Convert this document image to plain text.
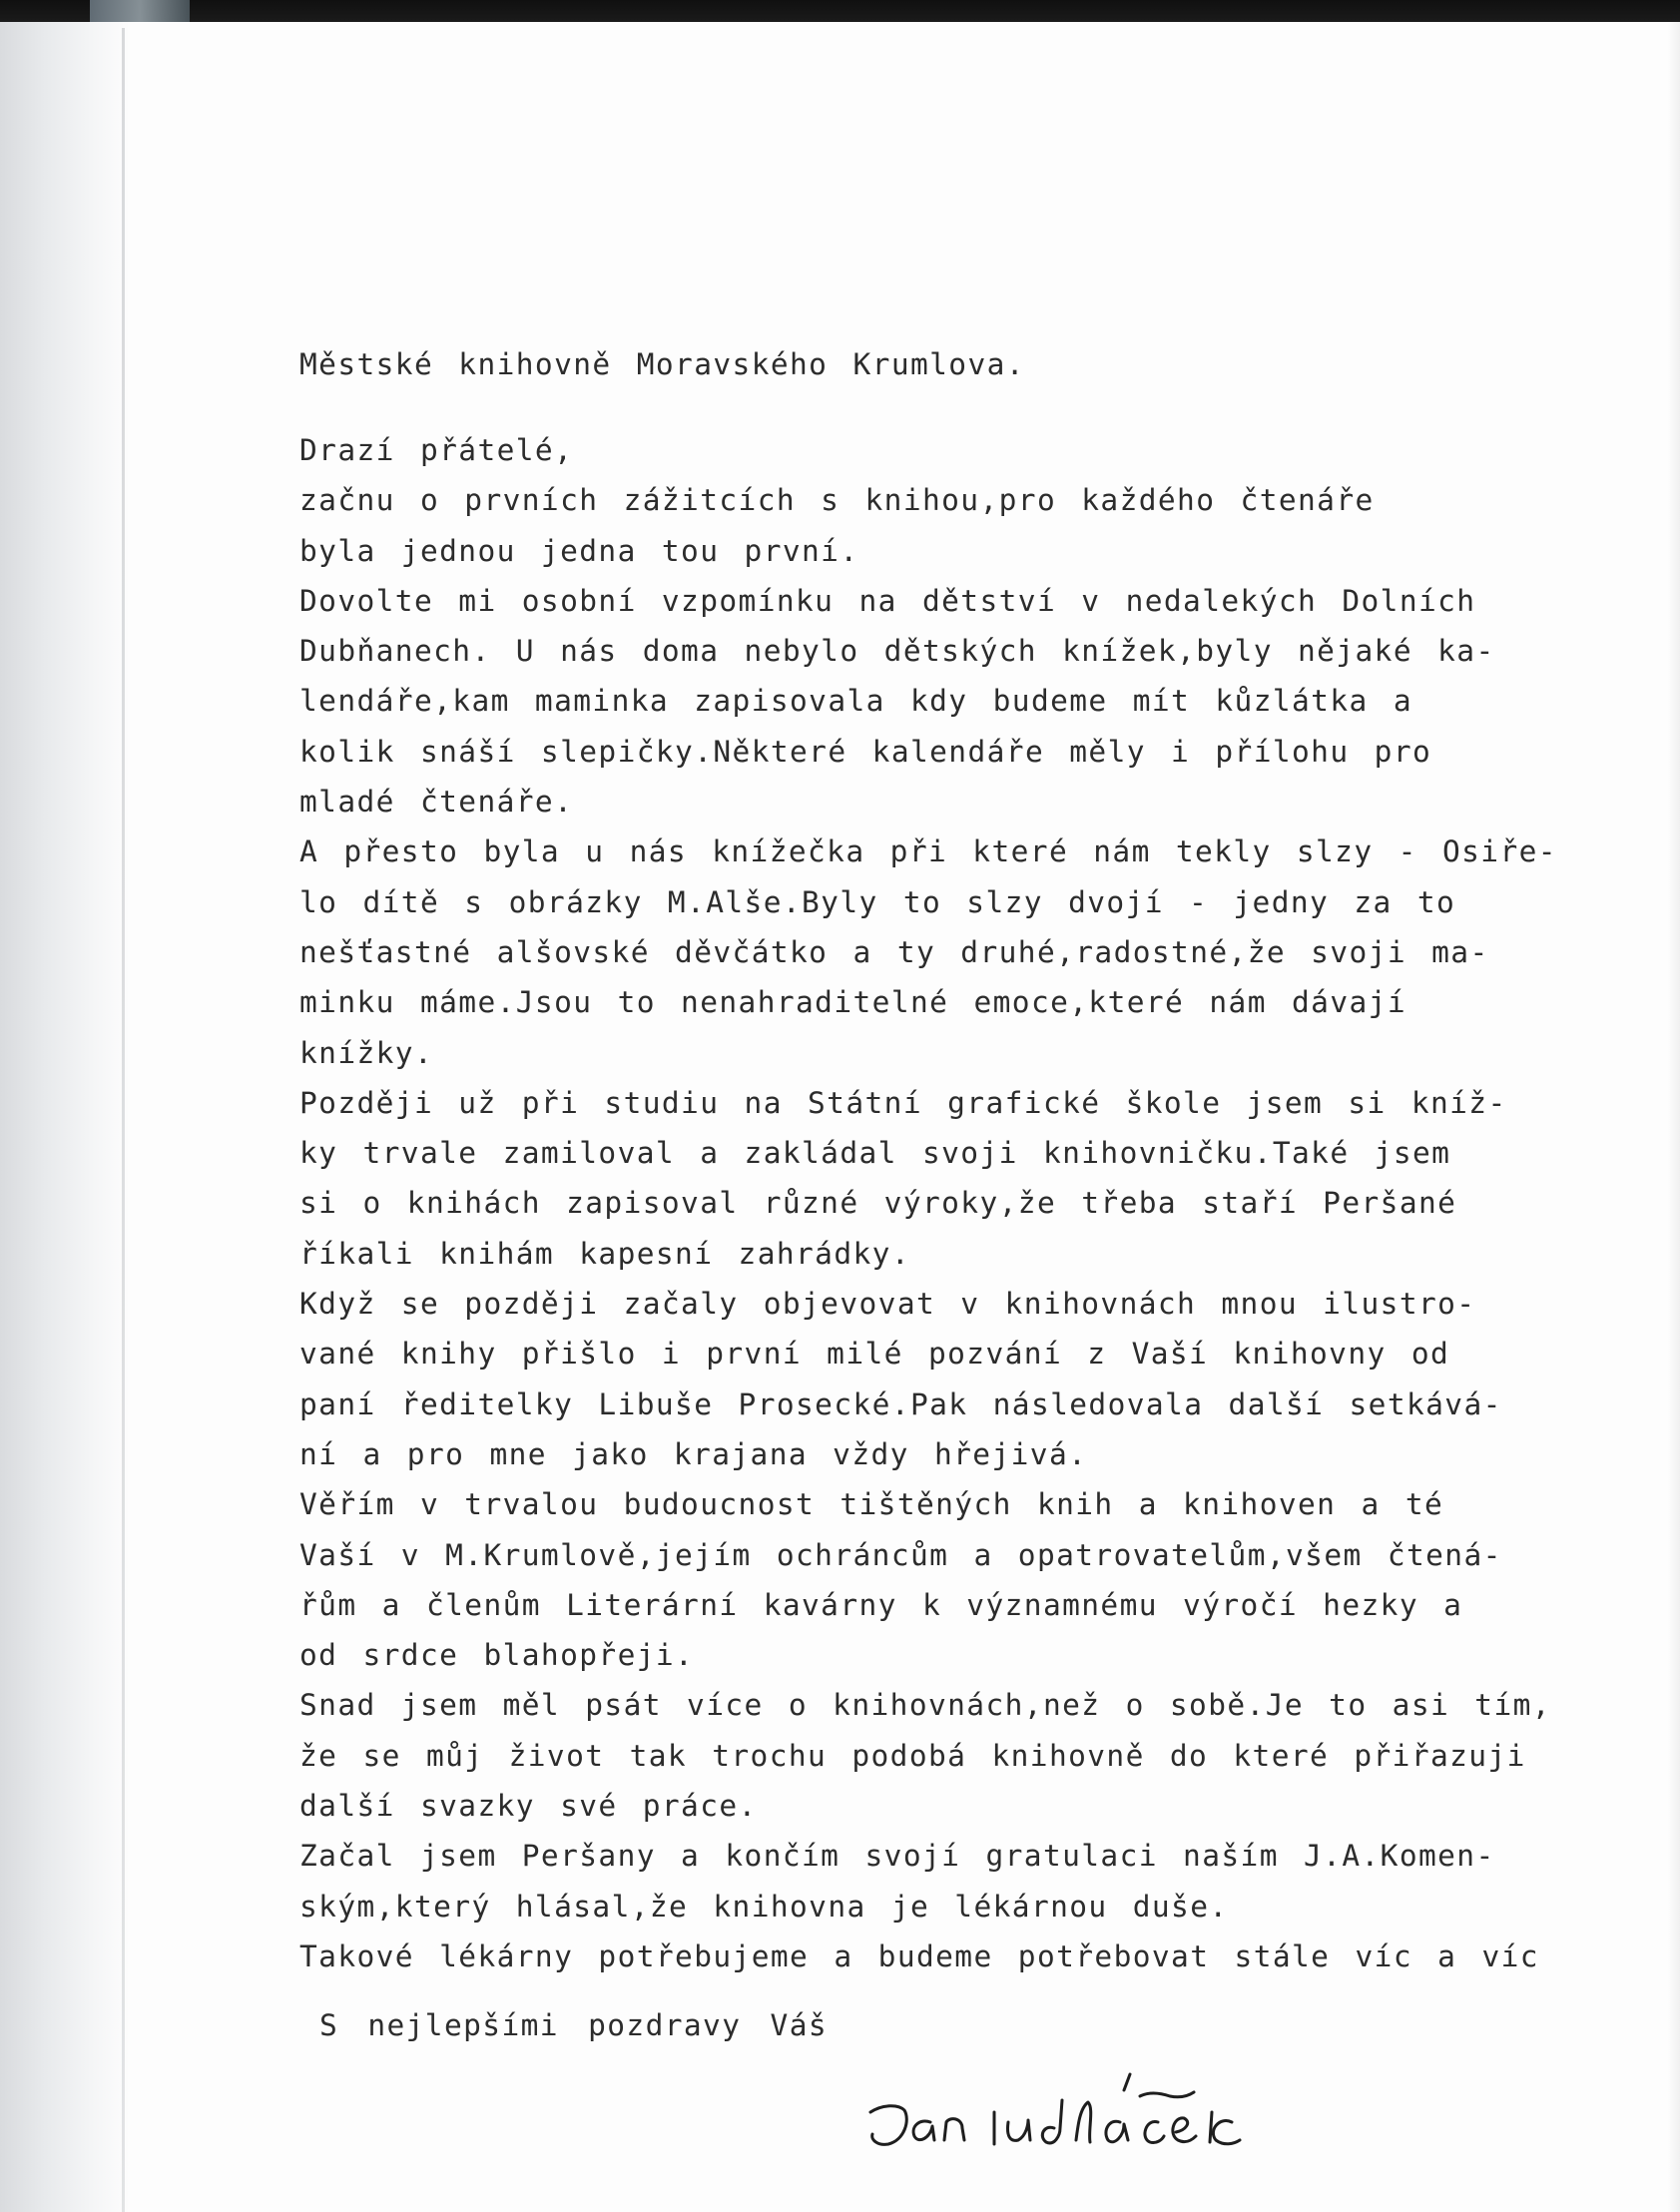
Městské knihovně Moravského Krumlova.
Drazí přátelé,
začnu o prvních zážitcích s knihou,pro každého čtenáře
byla jednou jedna tou první.
Dovolte mi osobní vzpomínku na dětství v nedalekých Dolních
Dubňanech. U nás doma nebylo dětských knížek,byly nějaké ka-
lendáře,kam maminka zapisovala kdy budeme mít kůzlátka a
kolik snáší slepičky.Některé kalendáře měly i přílohu pro
mladé čtenáře.
A přesto byla u nás knížečka při které nám tekly slzy - Osiře-
lo dítě s obrázky M.Alše.Byly to slzy dvojí - jedny za to
nešťastné alšovské děvčátko a ty druhé,radostné,že svoji ma-
minku máme.Jsou to nenahraditelné emoce,které nám dávají
knížky.
Později už při studiu na Státní grafické škole jsem si kníž-
ky trvale zamiloval a zakládal svoji knihovničku.Také jsem
si o knihách zapisoval různé výroky,že třeba staří Peršané
říkali knihám kapesní zahrádky.
Když se později začaly objevovat v knihovnách mnou ilustro-
vané knihy přišlo i první milé pozvání z Vaší knihovny od
paní ředitelky Libuše Prosecké.Pak následovala další setkává-
ní a pro mne jako krajana vždy hřejivá.
Věřím v trvalou budoucnost tištěných knih a knihoven a té
Vaší v M.Krumlově,jejím ochráncům a opatrovatelům,všem čtená-
řům a členům Literární kavárny k významnému výročí hezky a
od srdce blahopřeji.
Snad jsem měl psát více o knihovnách,než o sobě.Je to asi tím,
že se můj život tak trochu podobá knihovně do které přiřazuji
další svazky své práce.
Začal jsem Peršany a končím svojí gratulaci naším J.A.Komen-
ským,který hlásal,že knihovna je lékárnou duše.
Takové lékárny potřebujeme a budeme potřebovat stále víc a víc
S nejlepšími pozdravy Váš
